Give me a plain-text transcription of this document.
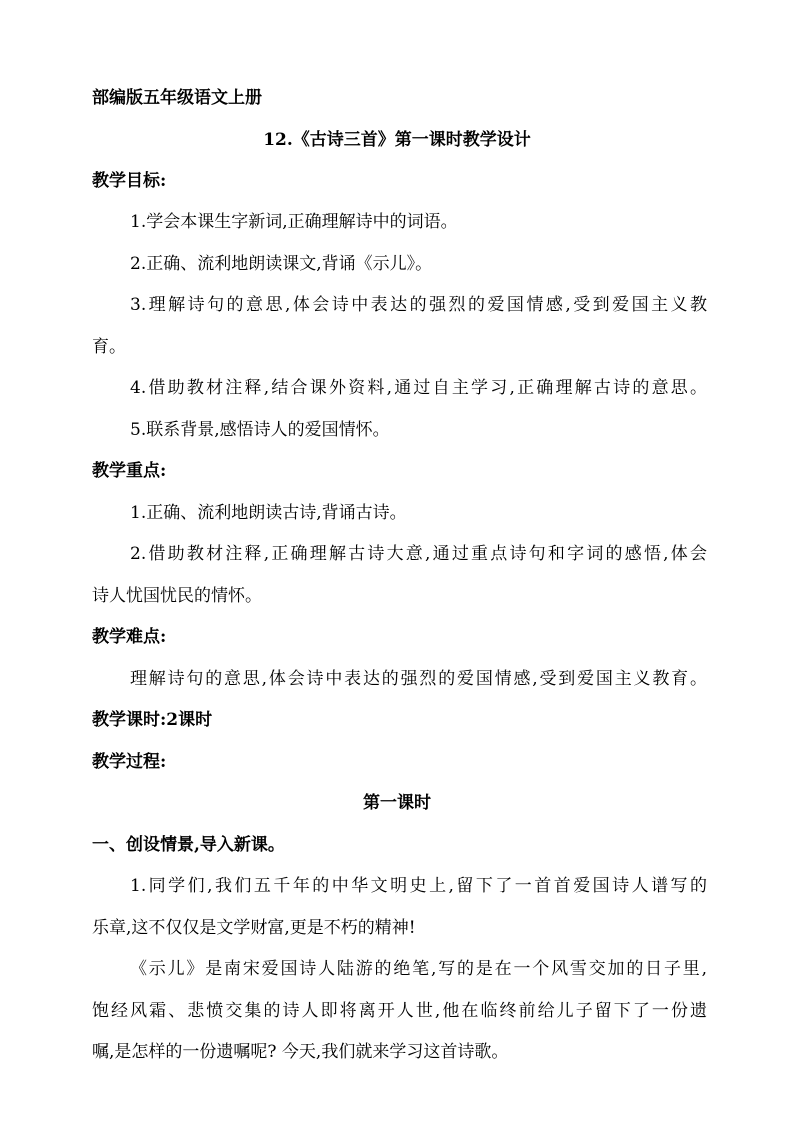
部编版五年级语文上册
12.《古诗三首》第一课时教学设计
教学目标:
1.学会本课生字新词,正确理解诗中的词语。
2.正确、流利地朗读课文,背诵《示儿》。
3.理解诗句的意思,体会诗中表达的强烈的爱国情感,受到爱国主义教
育。
4.借助教材注释,结合课外资料,通过自主学习,正确理解古诗的意思。
5.联系背景,感悟诗人的爱国情怀。
教学重点:
1.正确、流利地朗读古诗,背诵古诗。
2.借助教材注释,正确理解古诗大意,通过重点诗句和字词的感悟,体会
诗人忧国忧民的情怀。
教学难点:
理解诗句的意思,体会诗中表达的强烈的爱国情感,受到爱国主义教育。
教学课时:2课时
教学过程:
第一课时
一、创设情景,导入新课。
1.同学们,我们五千年的中华文明史上,留下了一首首爱国诗人谱写的
乐章,这不仅仅是文学财富,更是不朽的精神!
《示儿》是南宋爱国诗人陆游的绝笔,写的是在一个风雪交加的日子里,
饱经风霜、悲愤交集的诗人即将离开人世,他在临终前给儿子留下了一份遗
嘱,是怎样的一份遗嘱呢? 今天,我们就来学习这首诗歌。
